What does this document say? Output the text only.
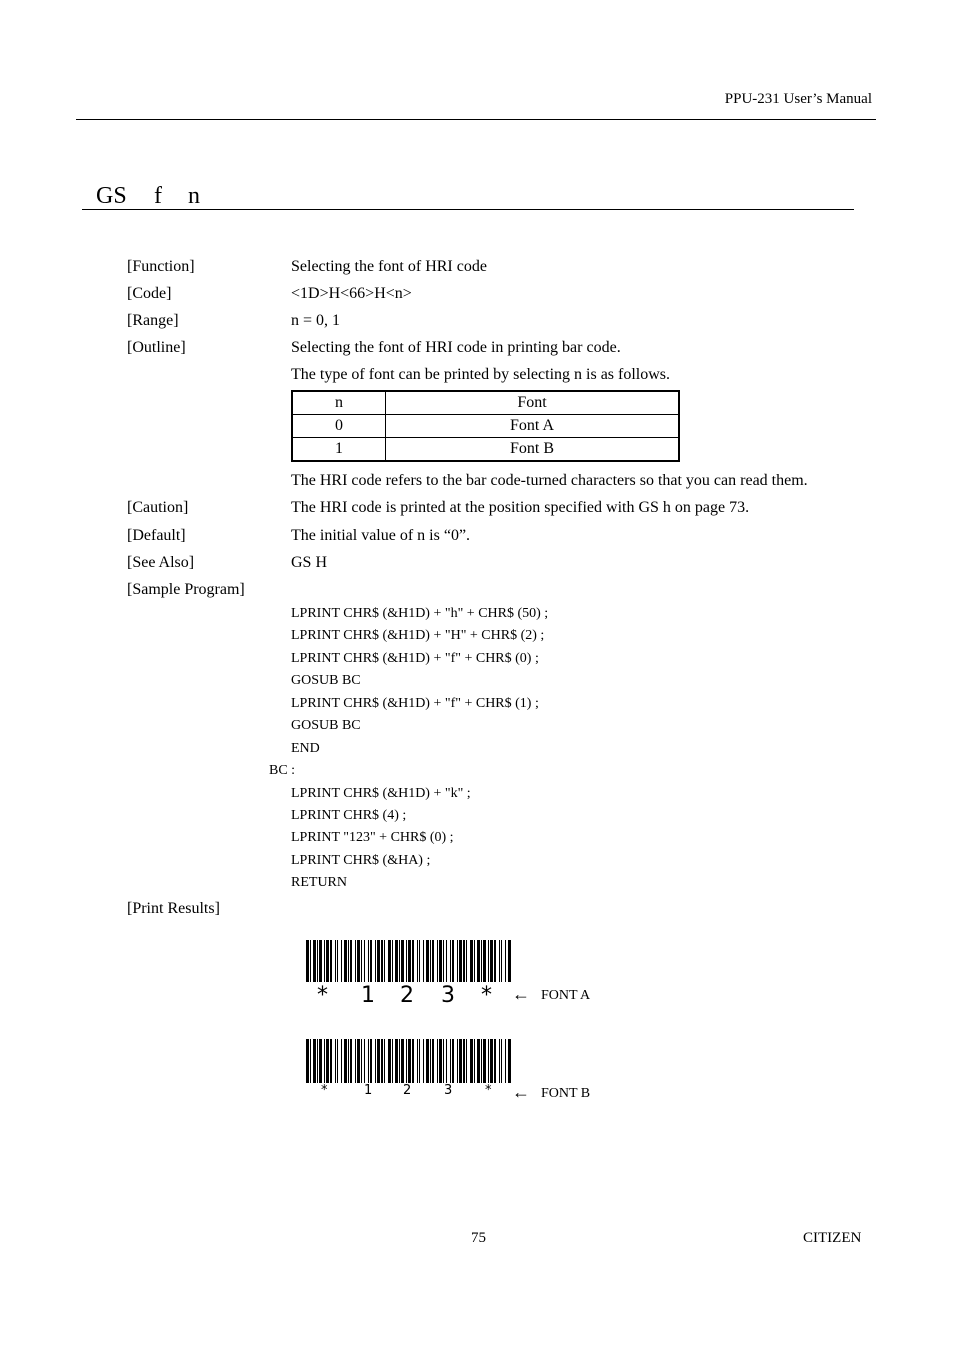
PPU-231 User’s Manual
GS f n
[Function]	Selecting the font of HRI code
[Code]	<1D>H<66>H<n>
[Range]	n = 0, 1
[Outline]	Selecting the font of HRI code in printing bar code.
The type of font can be printed by selecting n is as follows.
n	Font
0	Font A
1	Font B
The HRI code refers to the bar code-turned characters so that you can read them.
[Caution]	The HRI code is printed at the position specified with GS h on page 73.
[Default]	The initial value of n is “0”.
[See Also]	GS H
[Sample Program]
LPRINT CHR$ (&H1D) + "h" + CHR$ (50) ;
LPRINT CHR$ (&H1D) + "H" + CHR$ (2) ;
LPRINT CHR$ (&H1D) + "f" + CHR$ (0) ;
GOSUB BC
LPRINT CHR$ (&H1D) + "f" + CHR$ (1) ;
GOSUB BC
END
BC :
LPRINT CHR$ (&H1D) + "k" ;
LPRINT CHR$ (4) ;
LPRINT "123" + CHR$ (0) ;
LPRINT CHR$ (&HA) ;
RETURN
[Print Results]
* 1 2 3 * ← FONT A
*	1 2	3	* ← FONT B
75	CITIZEN
